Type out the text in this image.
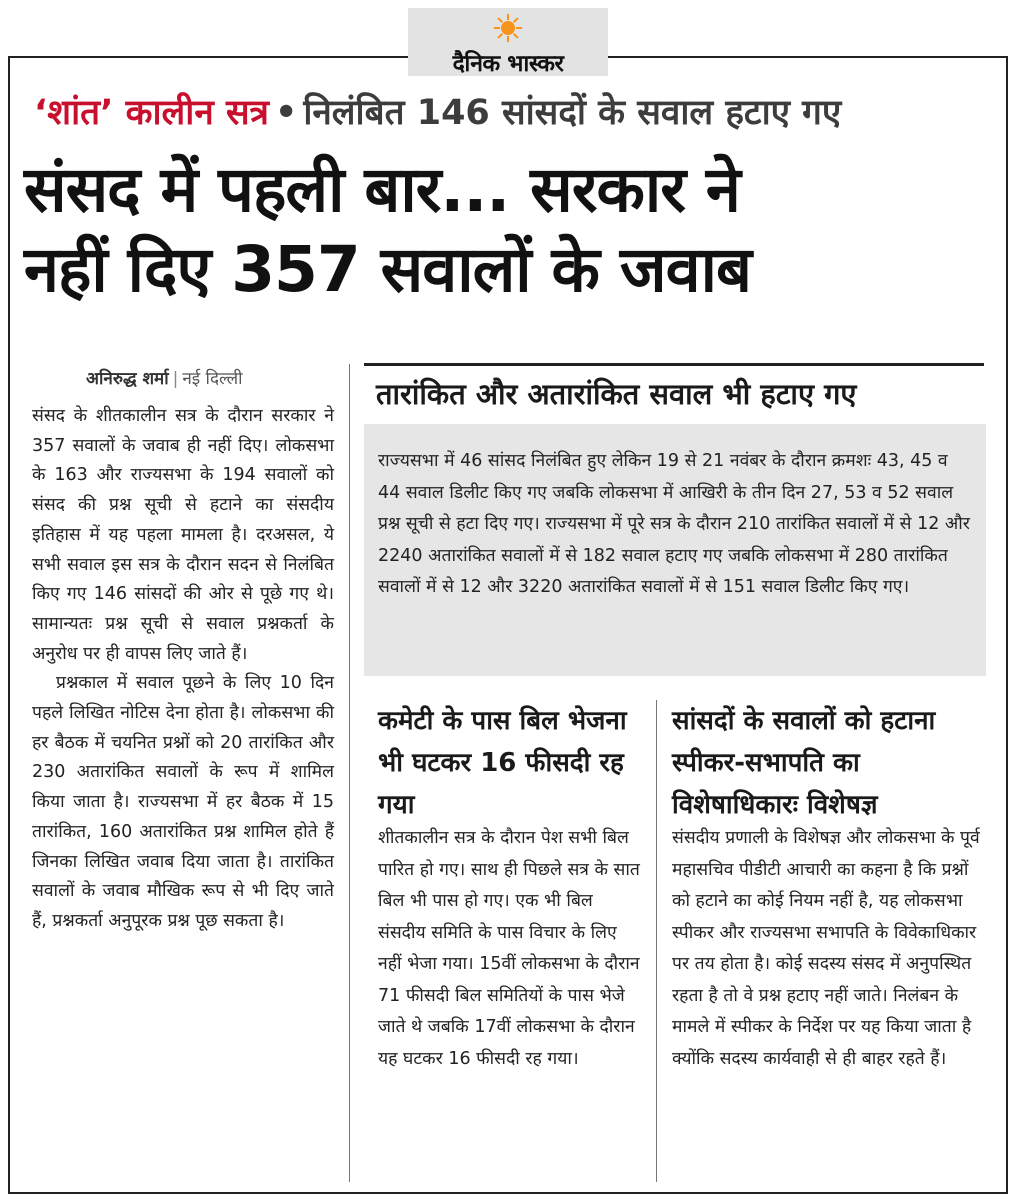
दैनिक भास्कर
‘शांत’ कालीन सत्र • निलंबित 146 सांसदों के सवाल हटाए गए
संसद में पहली बार... सरकार ने
नहीं दिए 357 सवालों के जवाब
अनिरुद्ध शर्मा | नई दिल्ली

संसद के शीतकालीन सत्र के दौरान सरकार ने 357 सवालों के जवाब ही नहीं दिए। लोकसभा के 163 और राज्यसभा के 194 सवालों को संसद की प्रश्न सूची से हटाने का संसदीय इतिहास में यह पहला मामला है। दरअसल, ये सभी सवाल इस सत्र के दौरान सदन से निलंबित किए गए 146 सांसदों की ओर से पूछे गए थे। सामान्यतः प्रश्न सूची से सवाल प्रश्नकर्ता के अनुरोध पर ही वापस लिए जाते हैं।

प्रश्नकाल में सवाल पूछने के लिए 10 दिन पहले लिखित नोटिस देना होता है। लोकसभा की हर बैठक में चयनित प्रश्नों को 20 तारांकित और 230 अतारांकित सवालों के रूप में शामिल किया जाता है। राज्यसभा में हर बैठक में 15 तारांकित, 160 अतारांकित प्रश्न शामिल होते हैं जिनका लिखित जवाब दिया जाता है। तारांकित सवालों के जवाब मौखिक रूप से भी दिए जाते हैं, प्रश्नकर्ता अनुपूरक प्रश्न पूछ सकता है।

तारांकित और अतारांकित सवाल भी हटाए गए
राज्यसभा में 46 सांसद निलंबित हुए लेकिन 19 से 21 नवंबर के दौरान क्रमशः 43, 45 व 44 सवाल डिलीट किए गए जबकि लोकसभा में आखिरी के तीन दिन 27, 53 व 52 सवाल प्रश्न सूची से हटा दिए गए। राज्यसभा में पूरे सत्र के दौरान 210 तारांकित सवालों में से 12 और 2240 अतारांकित सवालों में से 182 सवाल हटाए गए जबकि लोकसभा में 280 तारांकित सवालों में से 12 और 3220 अतारांकित सवालों में से 151 सवाल डिलीट किए गए।
कमेटी के पास बिल भेजना भी घटकर 16 फीसदी रह गया
शीतकालीन सत्र के दौरान पेश सभी बिल पारित हो गए। साथ ही पिछले सत्र के सात बिल भी पास हो गए। एक भी बिल संसदीय समिति के पास विचार के लिए नहीं भेजा गया। 15वीं लोकसभा के दौरान 71 फीसदी बिल समितियों के पास भेजे जाते थे जबकि 17वीं लोकसभा के दौरान यह घटकर 16 फीसदी रह गया।
सांसदों के सवालों को हटाना स्पीकर-सभापति का विशेषाधिकारः विशेषज्ञ
संसदीय प्रणाली के विशेषज्ञ और लोकसभा के पूर्व महासचिव पीडीटी आचारी का कहना है कि प्रश्नों को हटाने का कोई नियम नहीं है, यह लोकसभा स्पीकर और राज्यसभा सभापति के विवेकाधिकार पर तय होता है। कोई सदस्य संसद में अनुपस्थित रहता है तो वे प्रश्न हटाए नहीं जाते। निलंबन के मामले में स्पीकर के निर्देश पर यह किया जाता है क्योंकि सदस्य कार्यवाही से ही बाहर रहते हैं।
